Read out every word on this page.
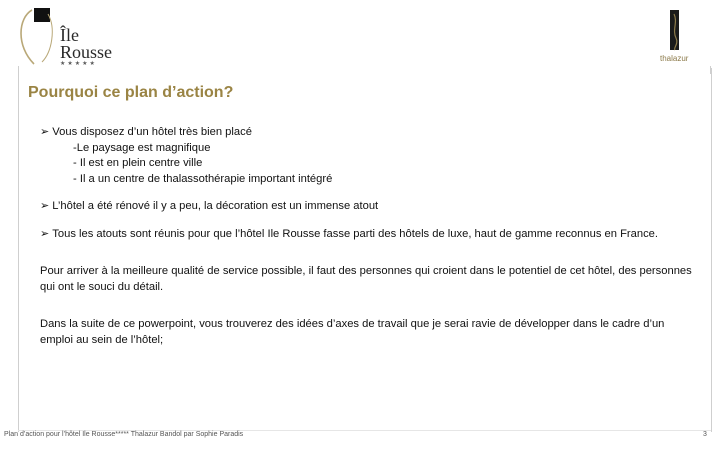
Île
Rousse
★★★★★
thalazur
Pourquoi ce plan d’action?
➢ Vous disposez d’un hôtel très bien placé
-Le paysage est magnifique
- Il est en plein centre ville
- Il a un centre de thalassothérapie important intégré
➢ L’hôtel a été rénové il y a peu, la décoration est un immense atout
➢ Tous les atouts sont réunis pour que l’hôtel Ile Rousse fasse parti des hôtels de luxe, haut de gamme reconnus en France.

Pour arriver à la meilleure qualité de service possible, il faut des personnes qui croient dans le potentiel de cet hôtel, des personnes qui ont le souci du détail.

Dans la suite de ce powerpoint, vous trouverez des idées d’axes de travail que je serai ravie de développer dans le cadre d’un emploi au sein de l’hôtel;

Plan d’action pour l’hôtel Ile Rousse***** Thalazur Bandol par Sophie Paradis	3
